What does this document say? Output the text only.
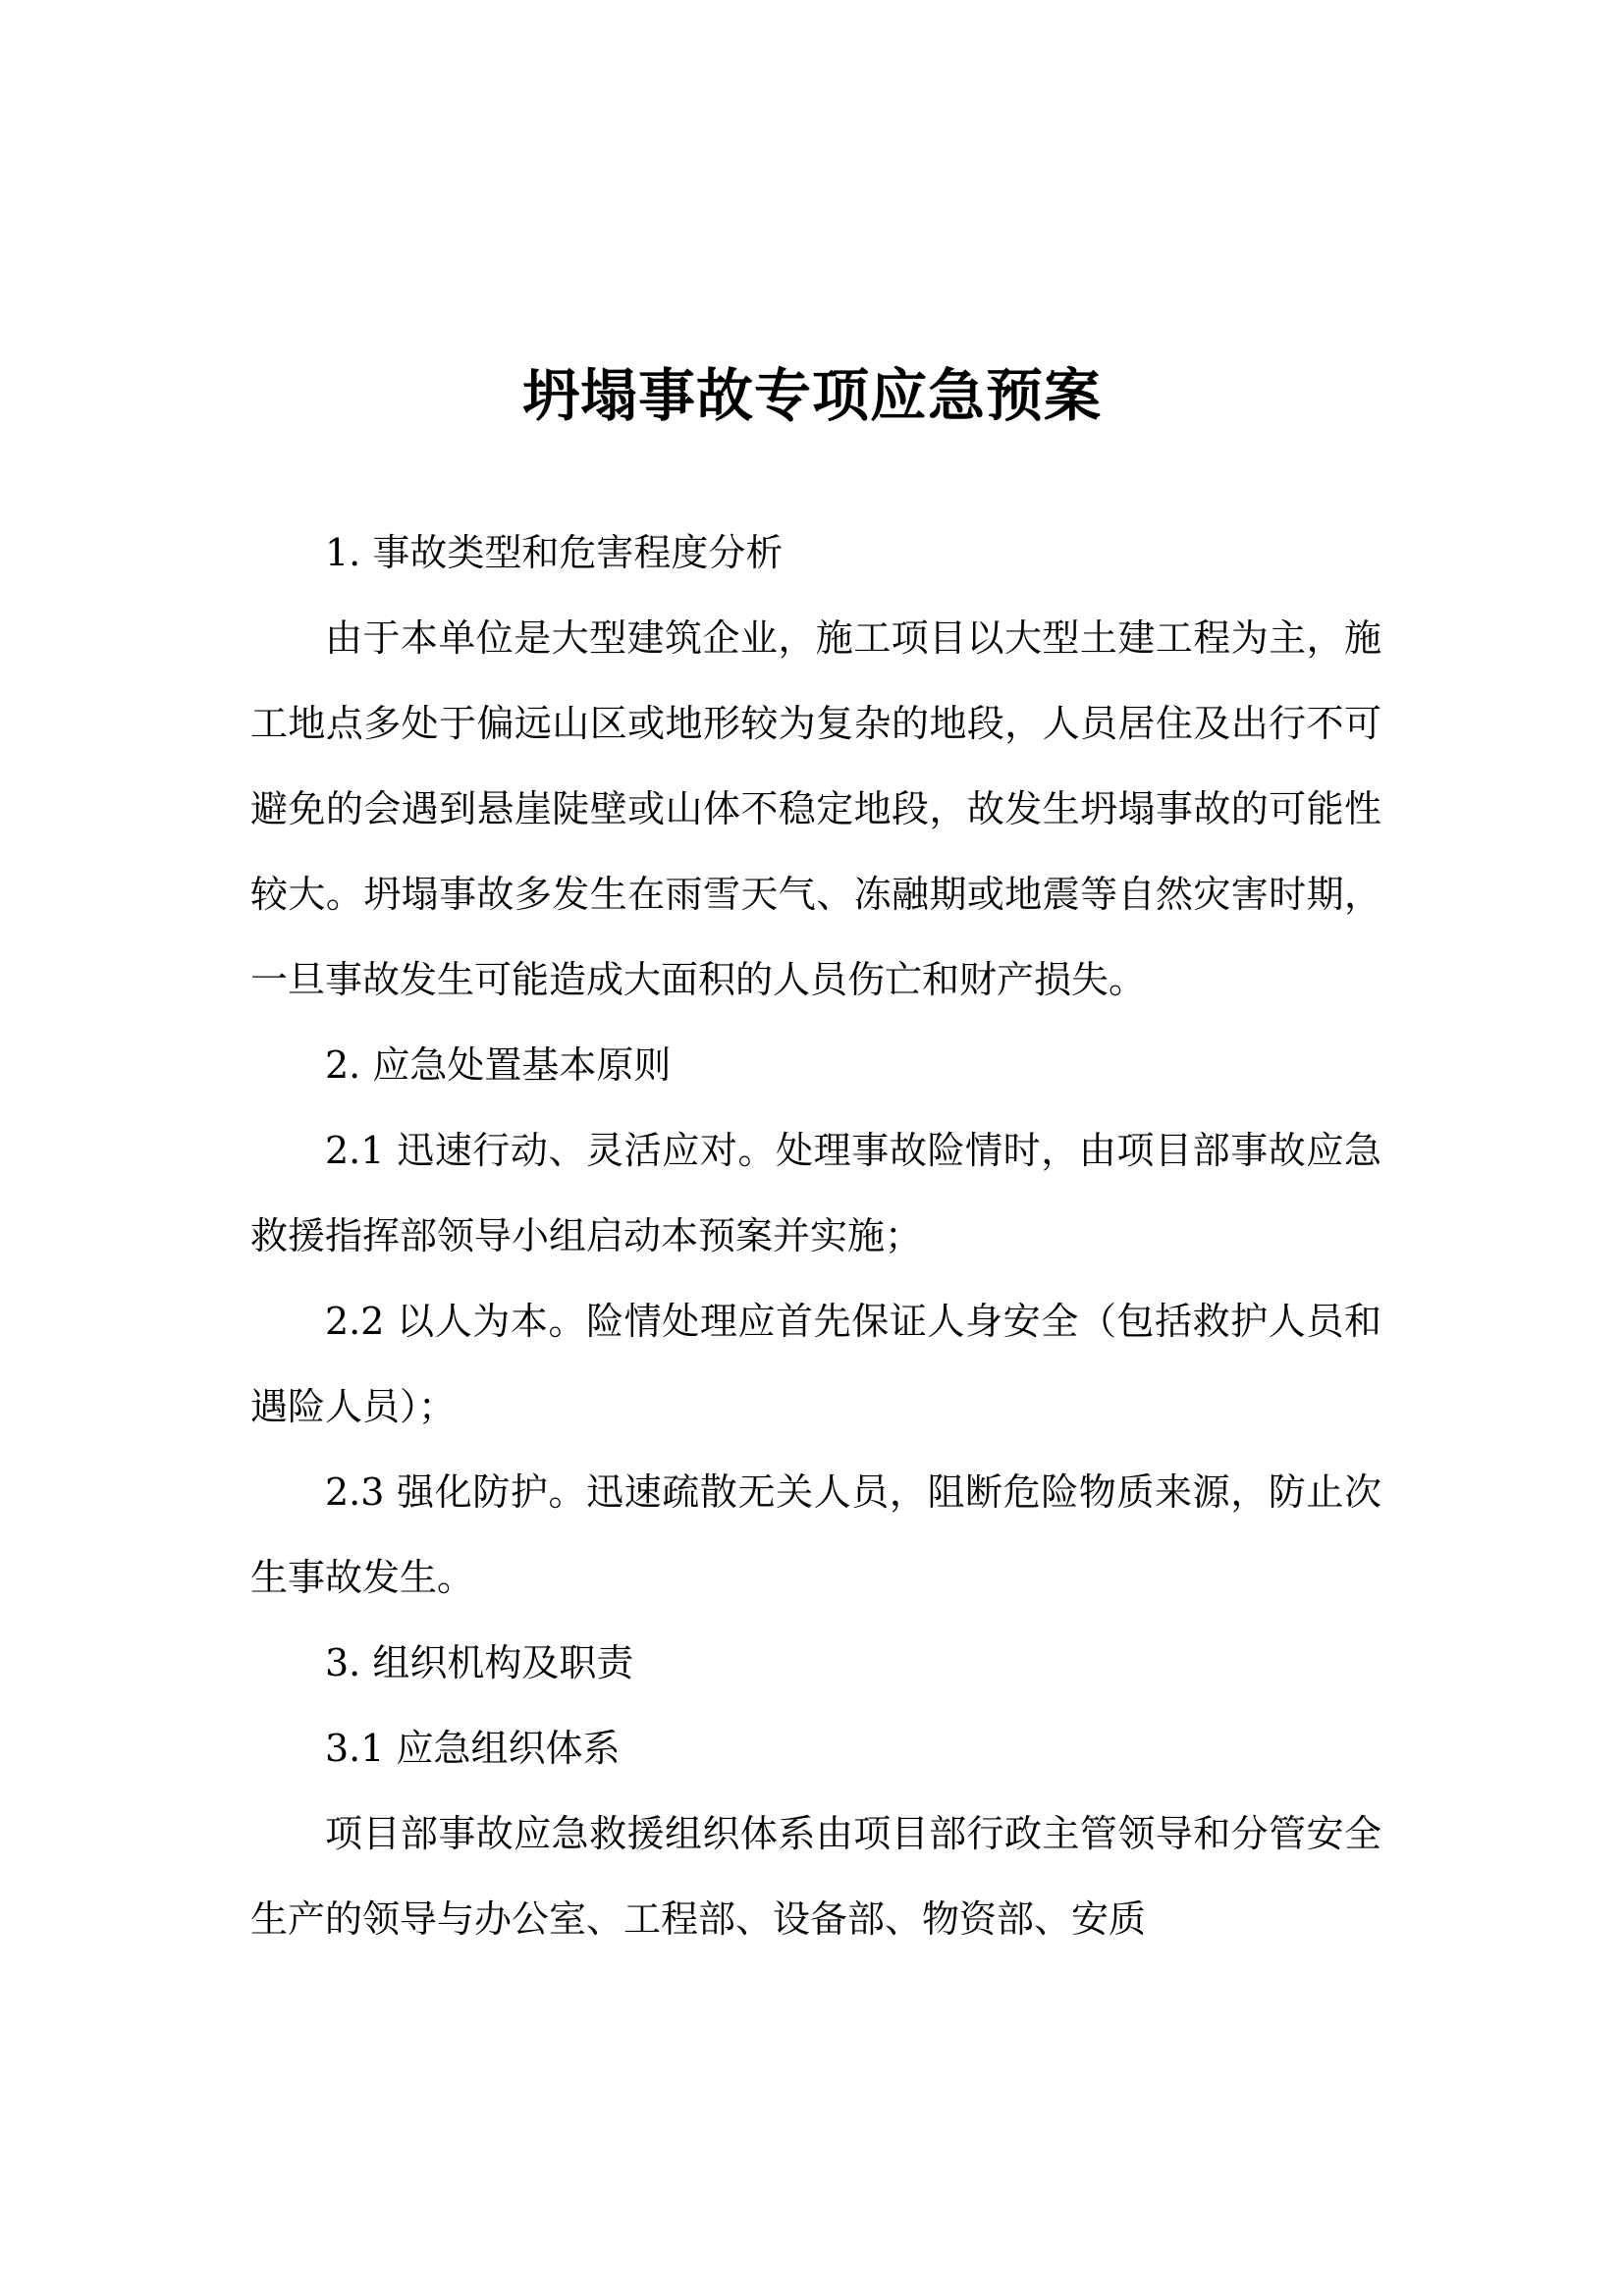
坍塌事故专项应急预案

1. 事故类型和危害程度分析

由于本单位是大型建筑企业，施工项目以大型土建工程为主，施工地点多处于偏远山区或地形较为复杂的地段，人员居住及出行不可避免的会遇到悬崖陡壁或山体不稳定地段，故发生坍塌事故的可能性较大。坍塌事故多发生在雨雪天气、冻融期或地震等自然灾害时期，一旦事故发生可能造成大面积的人员伤亡和财产损失。

2. 应急处置基本原则

2.1 迅速行动、灵活应对。处理事故险情时，由项目部事故应急救援指挥部领导小组启动本预案并实施；

2.2 以人为本。险情处理应首先保证人身安全（包括救护人员和遇险人员）；

2.3 强化防护。迅速疏散无关人员，阻断危险物质来源，防止次生事故发生。

3. 组织机构及职责

3.1 应急组织体系

项目部事故应急救援组织体系由项目部行政主管领导和分管安全生产的领导与办公室、工程部、设备部、物资部、安质
